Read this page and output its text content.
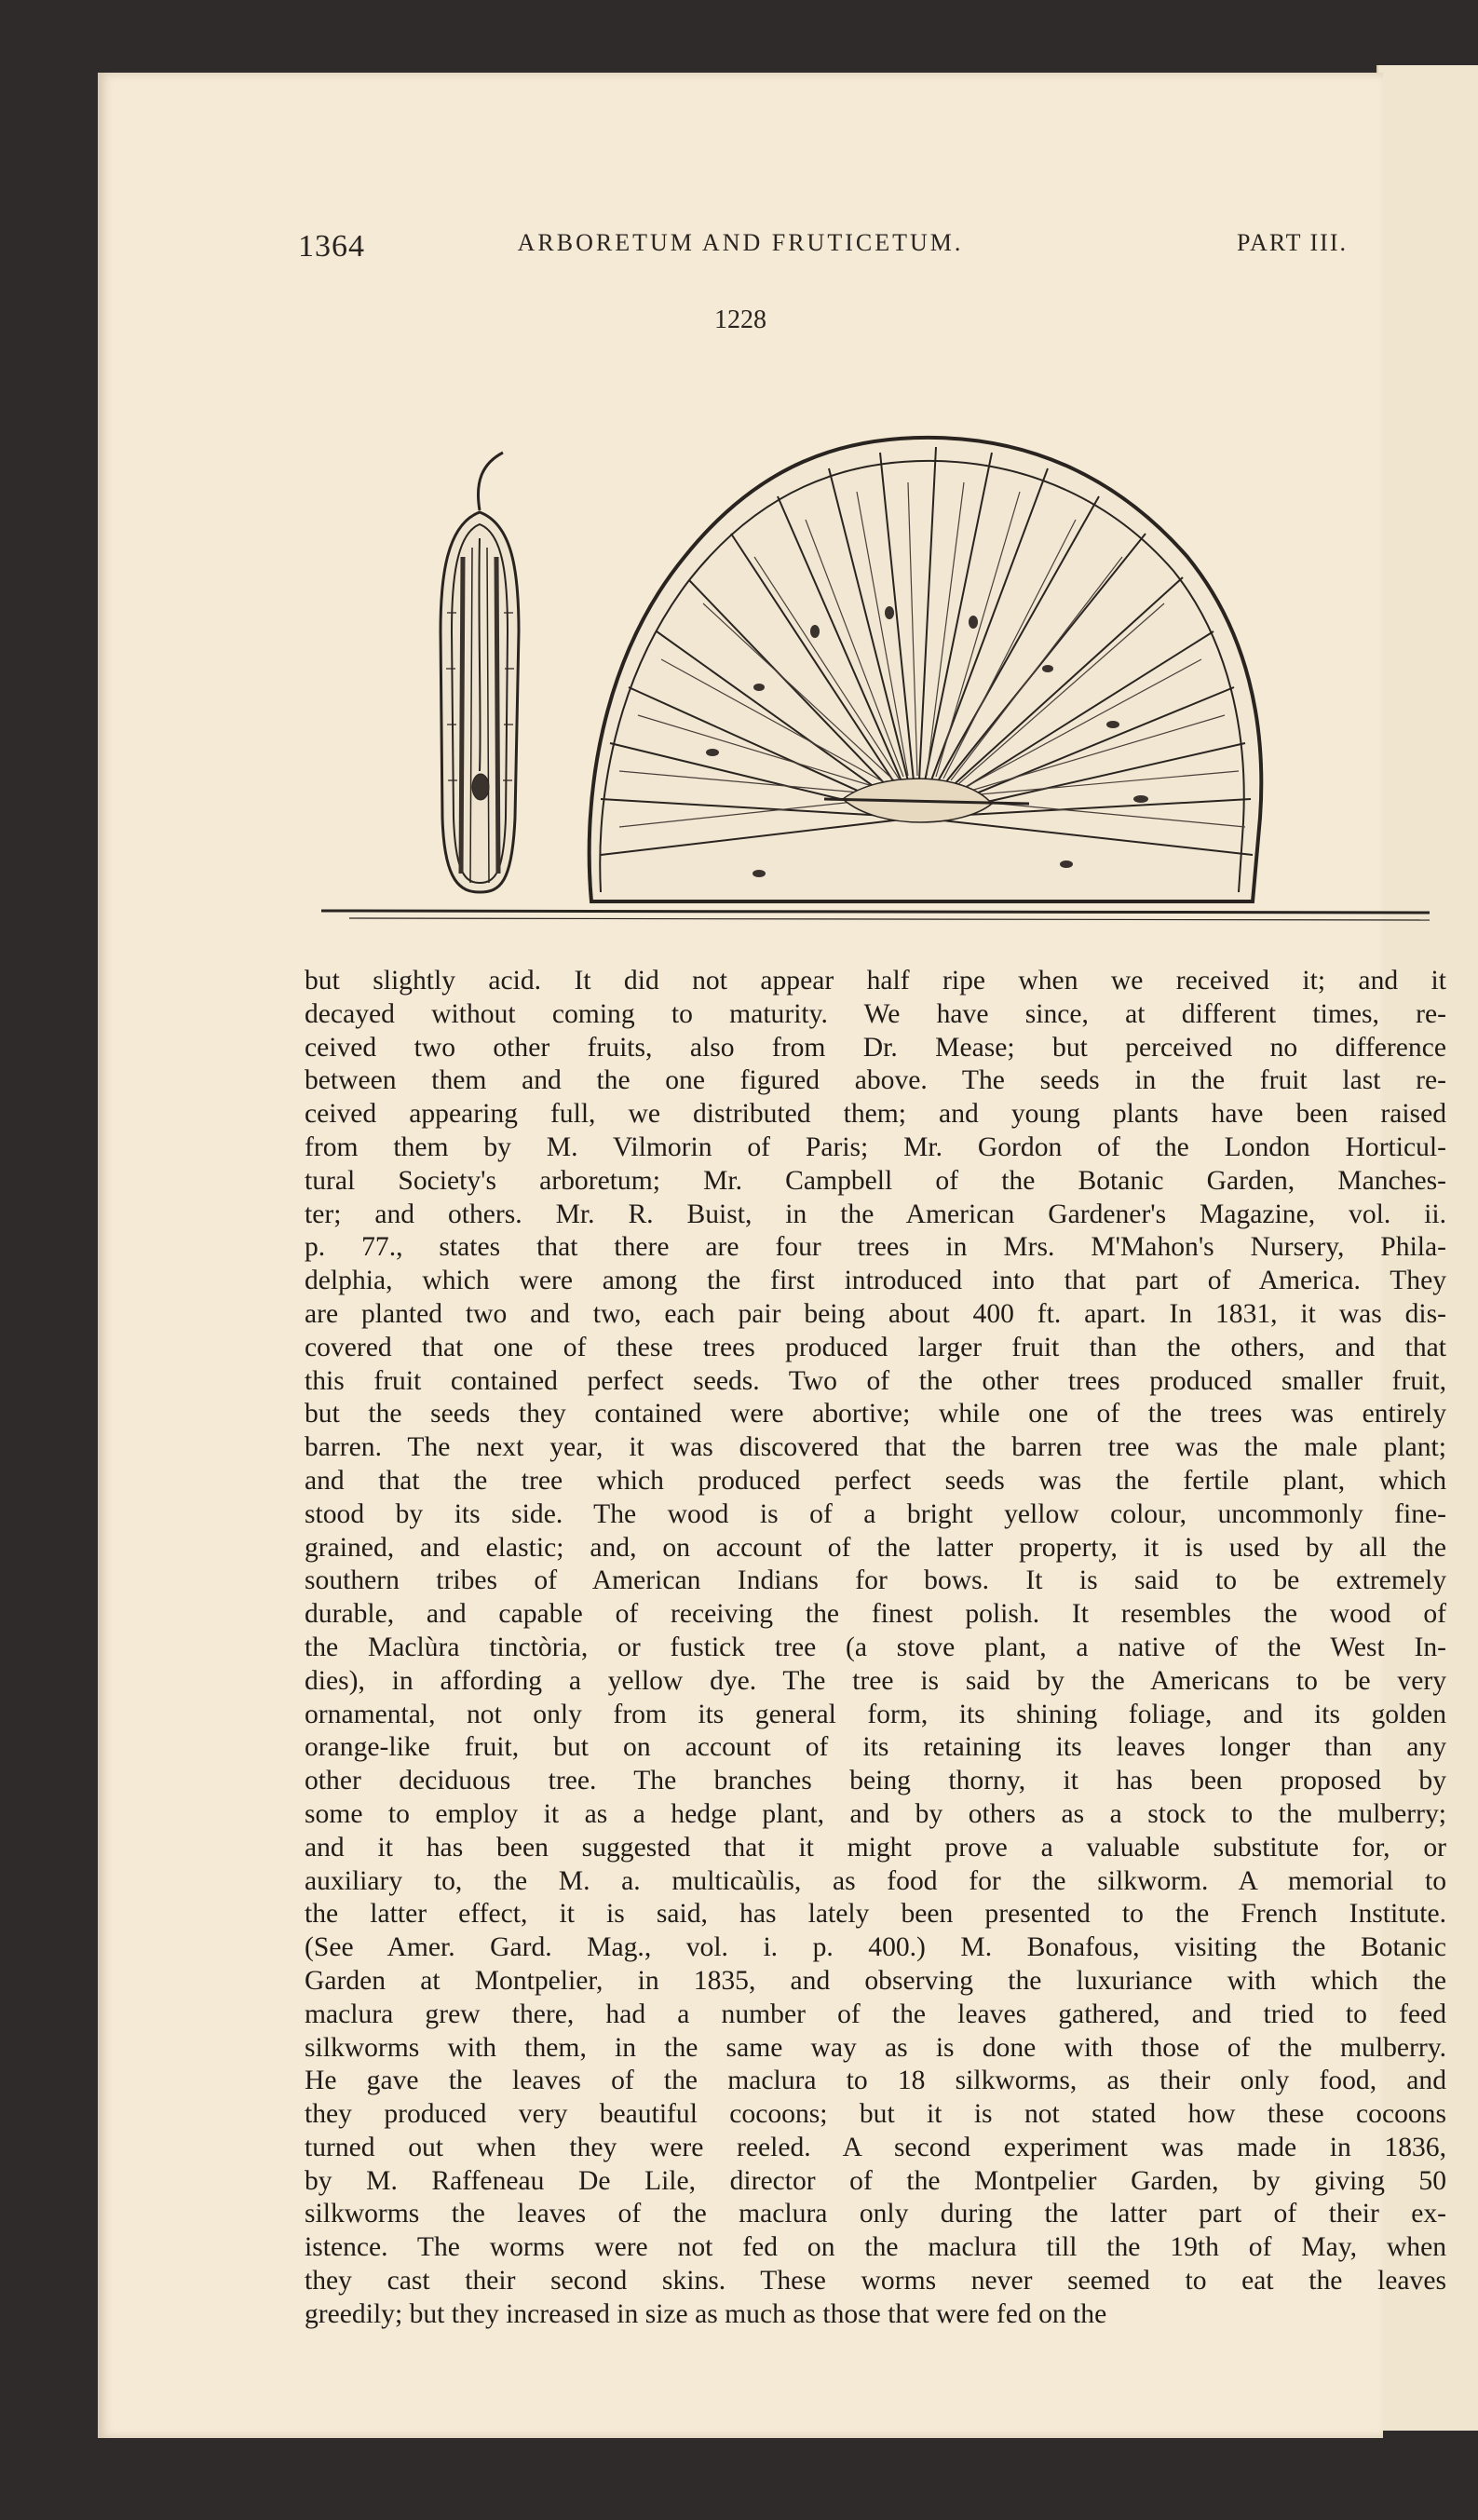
1364	ARBORETUM AND FRUTICETUM.	PART III.
1228
but slightly acid. It did not appear half ripe when we received it; and it
decayed without coming to maturity. We have since, at different times, re-
ceived two other fruits, also from Dr. Mease; but perceived no difference
between them and the one figured above. The seeds in the fruit last re-
ceived appearing full, we distributed them; and young plants have been raised
from them by M. Vilmorin of Paris; Mr. Gordon of the London Horticul-
tural Society's arboretum; Mr. Campbell of the Botanic Garden, Manches-
ter; and others. Mr. R. Buist, in the American Gardener's Magazine, vol. ii.
p. 77., states that there are four trees in Mrs. M'Mahon's Nursery, Phila-
delphia, which were among the first introduced into that part of America. They
are planted two and two, each pair being about 400 ft. apart. In 1831, it was dis-
covered that one of these trees produced larger fruit than the others, and that
this fruit contained perfect seeds. Two of the other trees produced smaller fruit,
but the seeds they contained were abortive; while one of the trees was entirely
barren. The next year, it was discovered that the barren tree was the male plant;
and that the tree which produced perfect seeds was the fertile plant, which
stood by its side. The wood is of a bright yellow colour, uncommonly fine-
grained, and elastic; and, on account of the latter property, it is used by all the
southern tribes of American Indians for bows. It is said to be extremely
durable, and capable of receiving the finest polish. It resembles the wood of
the Maclùra tinctòria, or fustick tree (a stove plant, a native of the West In-
dies), in affording a yellow dye. The tree is said by the Americans to be very
ornamental, not only from its general form, its shining foliage, and its golden
orange-like fruit, but on account of its retaining its leaves longer than any
other deciduous tree. The branches being thorny, it has been proposed by
some to employ it as a hedge plant, and by others as a stock to the mulberry;
and it has been suggested that it might prove a valuable substitute for, or
auxiliary to, the M. a. multicaùlis, as food for the silkworm. A memorial to
the latter effect, it is said, has lately been presented to the French Institute.
(See Amer. Gard. Mag., vol. i. p. 400.) M. Bonafous, visiting the Botanic
Garden at Montpelier, in 1835, and observing the luxuriance with which the
maclura grew there, had a number of the leaves gathered, and tried to feed
silkworms with them, in the same way as is done with those of the mulberry.
He gave the leaves of the maclura to 18 silkworms, as their only food, and
they produced very beautiful cocoons; but it is not stated how these cocoons
turned out when they were reeled. A second experiment was made in 1836,
by M. Raffeneau De Lile, director of the Montpelier Garden, by giving 50
silkworms the leaves of the maclura only during the latter part of their ex-
istence. The worms were not fed on the maclura till the 19th of May, when
they cast their second skins. These worms never seemed to eat the leaves
greedily; but they increased in size as much as those that were fed on the
